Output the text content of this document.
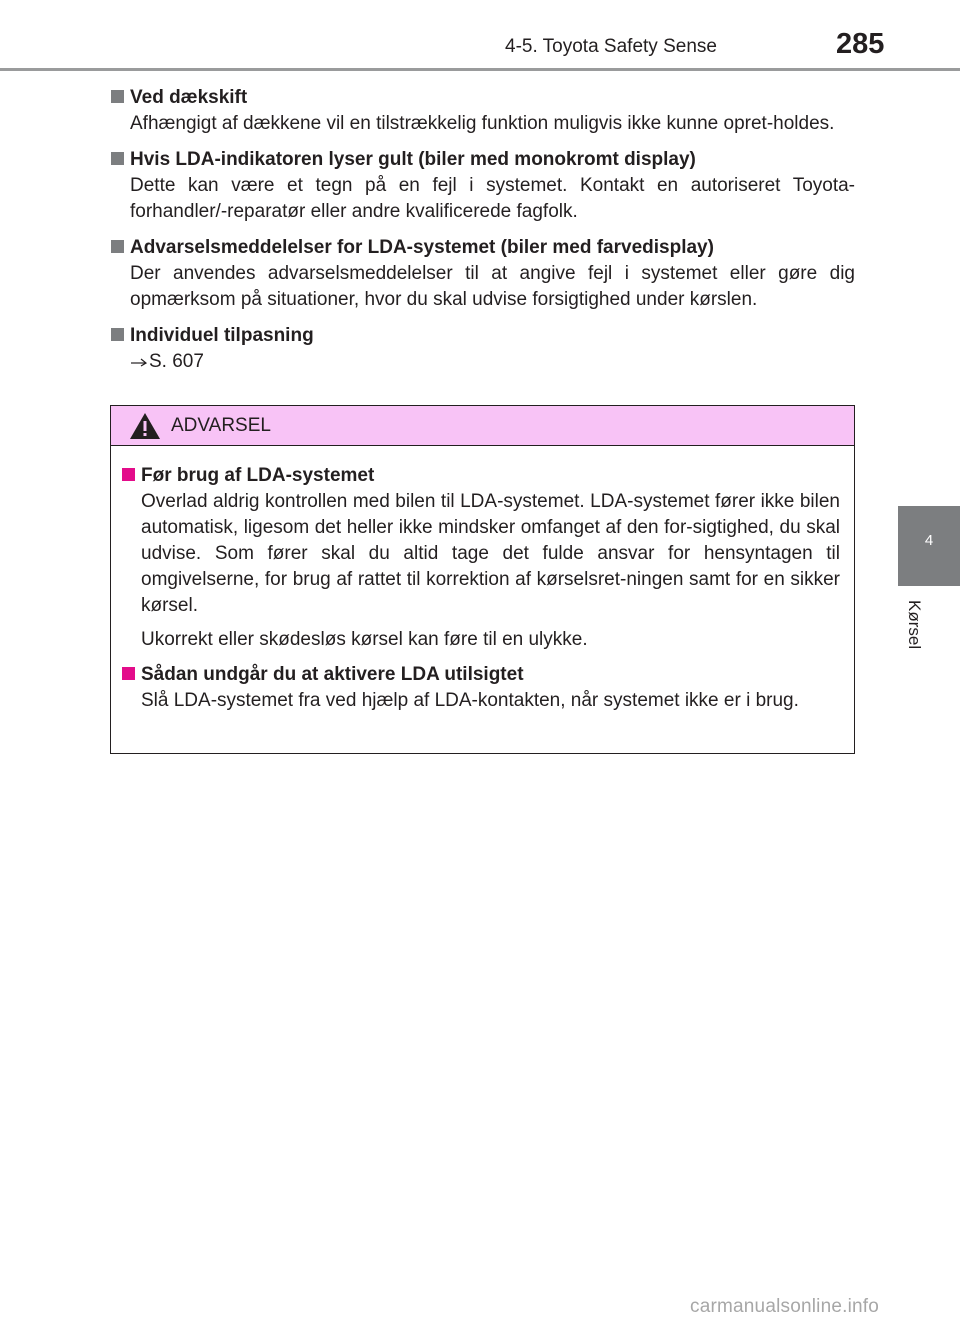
4-5. Toyota Safety Sense	285
4
Kørsel
Ved dækskift
Afhængigt af dækkene vil en tilstrækkelig funktion muligvis ikke kunne opret-holdes.
Hvis LDA-indikatoren lyser gult (biler med monokromt display)
Dette kan være et tegn på en fejl i systemet. Kontakt en autoriseret Toyota-forhandler/-reparatør eller andre kvalificerede fagfolk.
Advarselsmeddelelser for LDA-systemet (biler med farvedisplay)
Der anvendes advarselsmeddelelser til at angive fejl i systemet eller gøre dig opmærksom på situationer, hvor du skal udvise forsigtighed under kørslen.
Individuel tilpasning
S. 607
ADVARSEL
Før brug af LDA-systemet
Overlad aldrig kontrollen med bilen til LDA-systemet. LDA-systemet fører ikke bilen automatisk, ligesom det heller ikke mindsker omfanget af den for-sigtighed, du skal udvise. Som fører skal du altid tage det fulde ansvar for hensyntagen til omgivelserne, for brug af rattet til korrektion af kørselsret-ningen samt for en sikker kørsel.
Ukorrekt eller skødesløs kørsel kan føre til en ulykke.
Sådan undgår du at aktivere LDA utilsigtet
Slå LDA-systemet fra ved hjælp af LDA-kontakten, når systemet ikke er i brug.
carmanualsonline.info
